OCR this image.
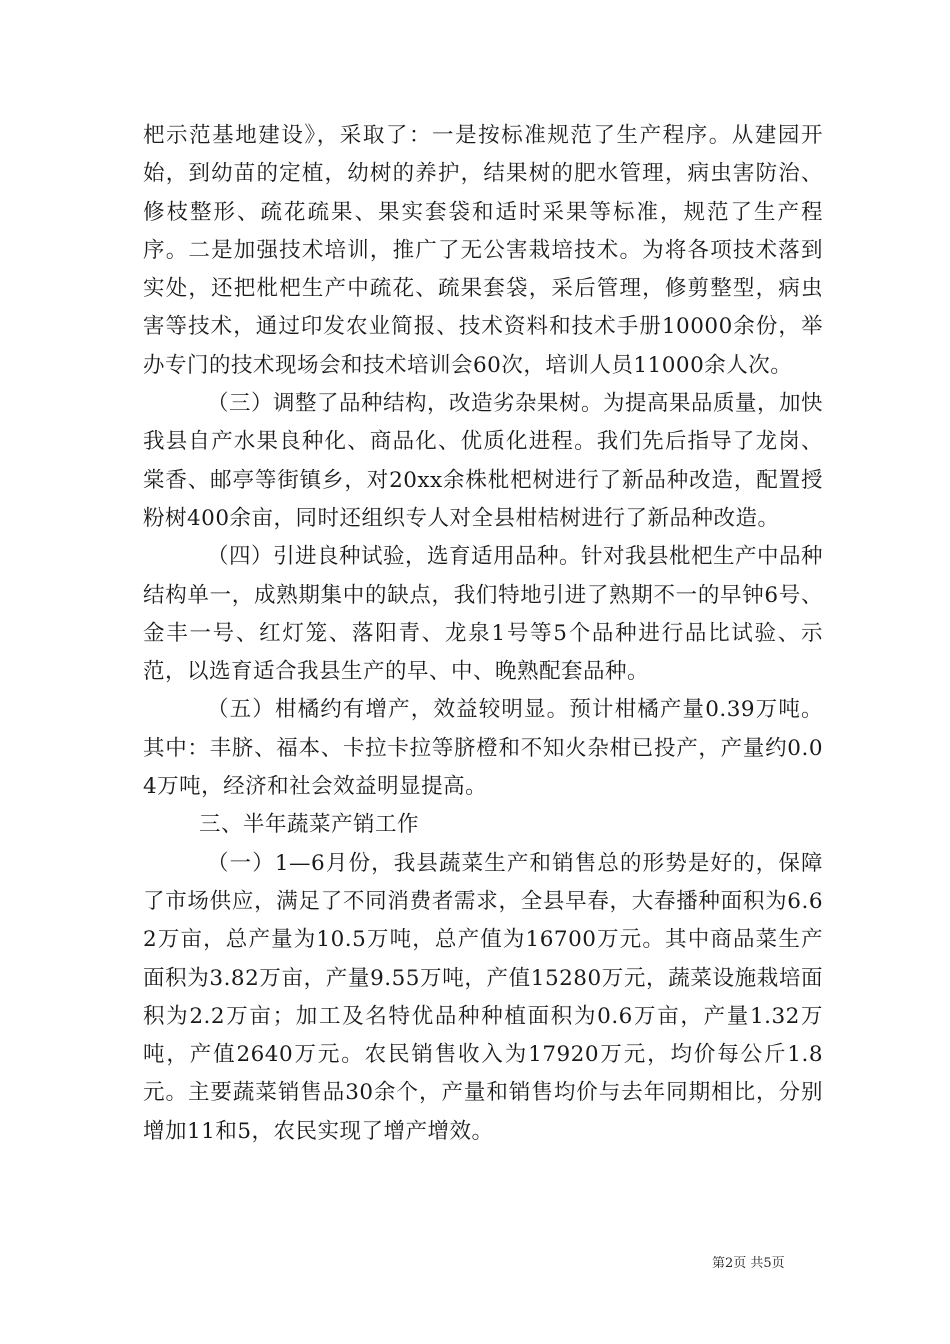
杷示范基地建设》，采取了：一是按标准规范了生产程序。从建园开始，到幼苗的定植，幼树的养护，结果树的肥水管理，病虫害防治、修枝整形、疏花疏果、果实套袋和适时采果等标准，规范了生产程序。二是加强技术培训，推广了无公害栽培技术。为将各项技术落到实处，还把枇杷生产中疏花、疏果套袋，采后管理，修剪整型，病虫害等技术，通过印发农业简报、技术资料和技术手册10000余份，举办专门的技术现场会和技术培训会60次，培训人员11000余人次。

（三）调整了品种结构，改造劣杂果树。为提高果品质量，加快我县自产水果良种化、商品化、优质化进程。我们先后指导了龙岗、棠香、邮亭等街镇乡，对20xx余株枇杷树进行了新品种改造，配置授粉树400余亩，同时还组织专人对全县柑桔树进行了新品种改造。

（四）引进良种试验，选育适用品种。针对我县枇杷生产中品种结构单一，成熟期集中的缺点，我们特地引进了熟期不一的早钟6号、金丰一号、红灯笼、落阳青、龙泉1号等5个品种进行品比试验、示范，以选育适合我县生产的早、中、晚熟配套品种。

（五）柑橘约有增产，效益较明显。预计柑橘产量0.39万吨。其中：丰脐、福本、卡拉卡拉等脐橙和不知火杂柑已投产，产量约0.04万吨，经济和社会效益明显提高。

三、半年蔬菜产销工作

（一）1—6月份，我县蔬菜生产和销售总的形势是好的，保障了市场供应，满足了不同消费者需求，全县早春，大春播种面积为6.62万亩，总产量为10.5万吨，总产值为16700万元。其中商品菜生产面积为3.82万亩，产量9.55万吨，产值15280万元，蔬菜设施栽培面积为2.2万亩；加工及名特优品种种植面积为0.6万亩，产量1.32万吨，产值2640万元。农民销售收入为17920万元，均价每公斤1.8元。主要蔬菜销售品30余个，产量和销售均价与去年同期相比，分别增加11和5，农民实现了增产增效。

第2页 共5页
